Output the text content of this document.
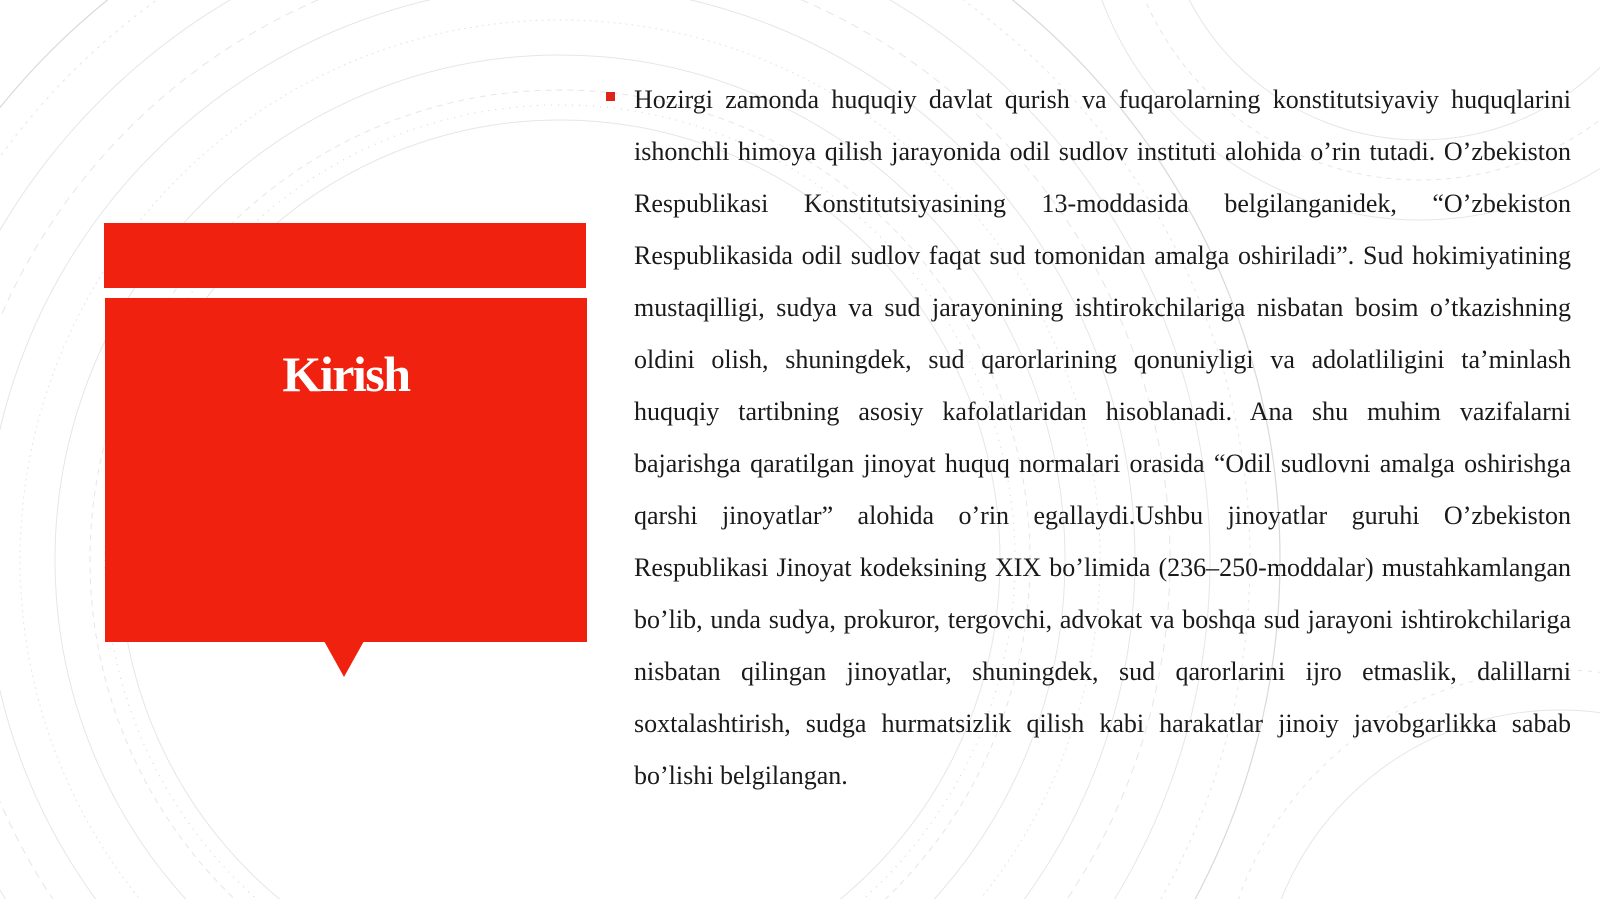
Kirish

Hozirgi zamonda huquqiy davlat qurish va fuqarolarning konstitutsiyaviy huquqlarini ishonchli himoya qilish jarayonida odil sudlov instituti alohida o’rin tutadi. O’zbekiston Respublikasi Konstitutsiyasining 13-moddasida belgilanganidek, “O’zbekiston Respublikasida odil sudlov faqat sud tomonidan amalga oshiriladi”. Sud hokimiyatining mustaqilligi, sudya va sud jarayonining ishtirokchilariga nisbatan bosim o’tkazishning oldini olish, shuningdek, sud qarorlarining qonuniyligi va adolatliligini ta’minlash huquqiy tartibning asosiy kafolatlaridan hisoblanadi. Ana shu muhim vazifalarni bajarishga qaratilgan jinoyat huquq normalari orasida “Odil sudlovni amalga oshirishga qarshi jinoyatlar” alohida o’rin egallaydi.Ushbu jinoyatlar guruhi O’zbekiston Respublikasi Jinoyat kodeksining XIX bo’limida (236–250-moddalar) mustahkamlangan bo’lib, unda sudya, prokuror, tergovchi, advokat va boshqa sud jarayoni ishtirokchilariga nisbatan qilingan jinoyatlar, shuningdek, sud qarorlarini ijro etmaslik, dalillarni soxtalashtirish, sudga hurmatsizlik qilish kabi harakatlar jinoiy javobgarlikka sabab bo’lishi belgilangan.
